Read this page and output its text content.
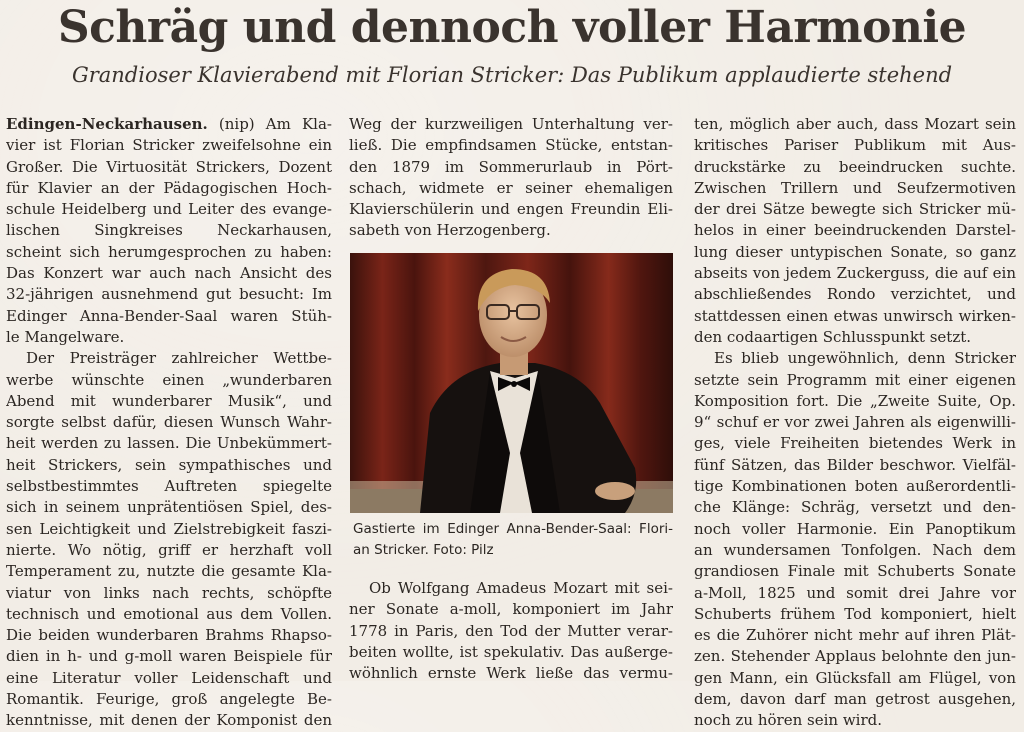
Schräg und dennoch voller Harmonie
Grandioser Klavierabend mit Florian Stricker: Das Publikum applaudierte stehend
Edingen-Neckarhausen. (nip) Am Kla-
vier ist Florian Stricker zweifelsohne ein
Großer. Die Virtuosität Strickers, Dozent
für Klavier an der Pädagogischen Hoch-
schule Heidelberg und Leiter des evange-
lischen Singkreises Neckarhausen,
scheint sich herumgesprochen zu haben:
Das Konzert war auch nach Ansicht des
32-jährigen ausnehmend gut besucht: Im
Edinger Anna-Bender-Saal waren Stüh-
le Mangelware.
Der Preisträger zahlreicher Wettbe-
werbe wünschte einen „wunderbaren
Abend mit wunderbarer Musik“, und
sorgte selbst dafür, diesen Wunsch Wahr-
heit werden zu lassen. Die Unbekümmert-
heit Strickers, sein sympathisches und
selbstbestimmtes Auftreten spiegelte
sich in seinem unprätentiösen Spiel, des-
sen Leichtigkeit und Zielstrebigkeit faszi-
nierte. Wo nötig, griff er herzhaft voll
Temperament zu, nutzte die gesamte Kla-
viatur von links nach rechts, schöpfte
technisch und emotional aus dem Vollen.
Die beiden wunderbaren Brahms Rhapso-
dien in h- und g-moll waren Beispiele für
eine Literatur voller Leidenschaft und
Romantik. Feurige, groß angelegte Be-
kenntnisse, mit denen der Komponist den
Weg der kurzweiligen Unterhaltung ver-
ließ. Die empfindsamen Stücke, entstan-
den 1879 im Sommerurlaub in Pört-
schach, widmete er seiner ehemaligen
Klavierschülerin und engen Freundin Eli-
sabeth von Herzogenberg.
Gastierte im Edinger Anna-Bender-Saal: Flori-
an Stricker. Foto: Pilz
Ob Wolfgang Amadeus Mozart mit sei-
ner Sonate a-moll, komponiert im Jahr
1778 in Paris, den Tod der Mutter verar-
beiten wollte, ist spekulativ. Das außerge-
wöhnlich ernste Werk ließe das vermu-
ten, möglich aber auch, dass Mozart sein
kritisches Pariser Publikum mit Aus-
druckstärke zu beeindrucken suchte.
Zwischen Trillern und Seufzermotiven
der drei Sätze bewegte sich Stricker mü-
helos in einer beeindruckenden Darstel-
lung dieser untypischen Sonate, so ganz
abseits von jedem Zuckerguss, die auf ein
abschließendes Rondo verzichtet, und
stattdessen einen etwas unwirsch wirken-
den codaartigen Schlusspunkt setzt.
Es blieb ungewöhnlich, denn Stricker
setzte sein Programm mit einer eigenen
Komposition fort. Die „Zweite Suite, Op.
9“ schuf er vor zwei Jahren als eigenwilli-
ges, viele Freiheiten bietendes Werk in
fünf Sätzen, das Bilder beschwor. Vielfäl-
tige Kombinationen boten außerordentli-
che Klänge: Schräg, versetzt und den-
noch voller Harmonie. Ein Panoptikum
an wundersamen Tonfolgen. Nach dem
grandiosen Finale mit Schuberts Sonate
a-Moll, 1825 und somit drei Jahre vor
Schuberts frühem Tod komponiert, hielt
es die Zuhörer nicht mehr auf ihren Plät-
zen. Stehender Applaus belohnte den jun-
gen Mann, ein Glücksfall am Flügel, von
dem, davon darf man getrost ausgehen,
noch zu hören sein wird.
